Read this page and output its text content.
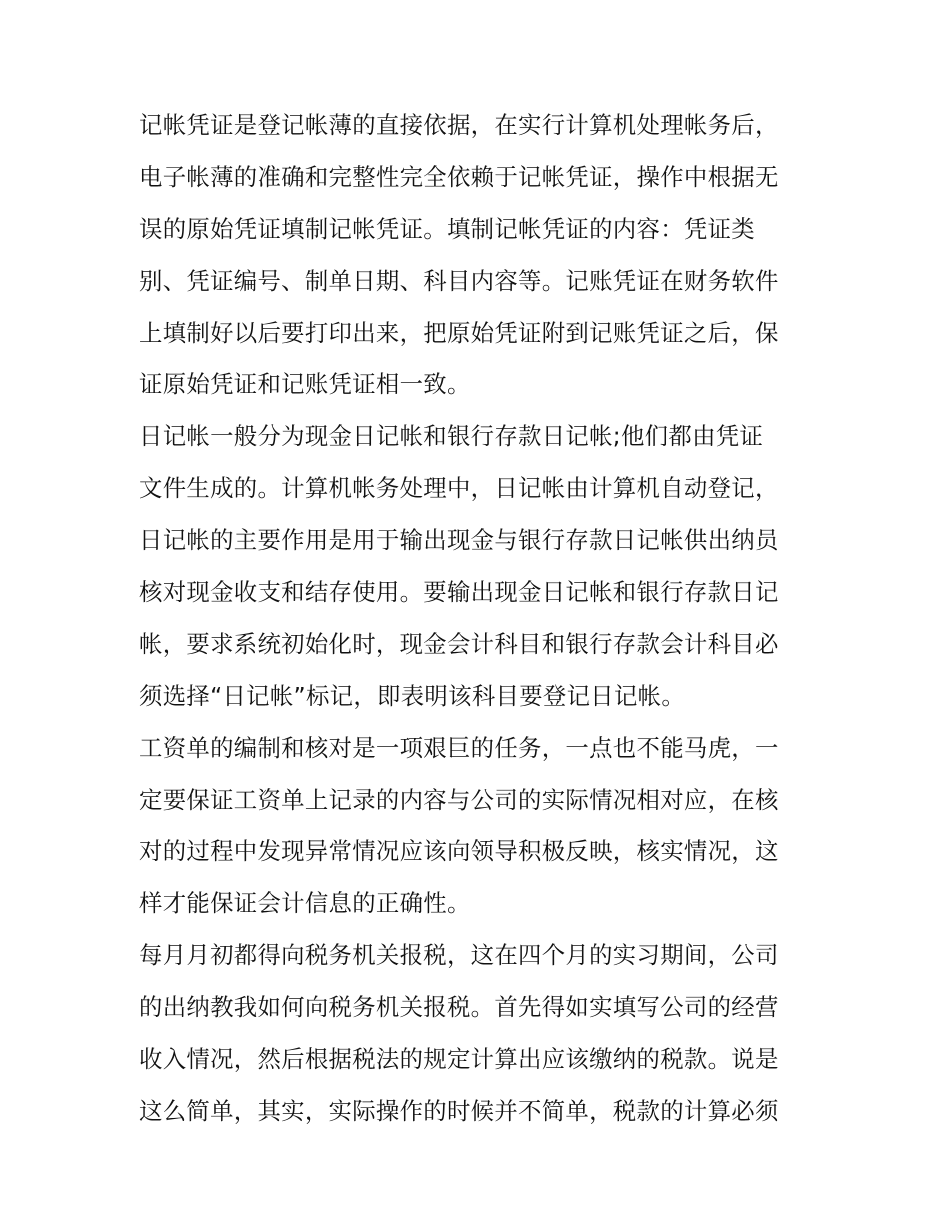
记帐凭证是登记帐薄的直接依据，在实行计算机处理帐务后，
电子帐薄的准确和完整性完全依赖于记帐凭证，操作中根据无
误的原始凭证填制记帐凭证。填制记帐凭证的内容：凭证类
别、凭证编号、制单日期、科目内容等。记账凭证在财务软件
上填制好以后要打印出来，把原始凭证附到记账凭证之后，保
证原始凭证和记账凭证相一致。
日记帐一般分为现金日记帐和银行存款日记帐;他们都由凭证
文件生成的。计算机帐务处理中，日记帐由计算机自动登记，
日记帐的主要作用是用于输出现金与银行存款日记帐供出纳员
核对现金收支和结存使用。要输出现金日记帐和银行存款日记
帐，要求系统初始化时，现金会计科目和银行存款会计科目必
须选择“日记帐”标记，即表明该科目要登记日记帐。
工资单的编制和核对是一项艰巨的任务，一点也不能马虎，一
定要保证工资单上记录的内容与公司的实际情况相对应，在核
对的过程中发现异常情况应该向领导积极反映，核实情况，这
样才能保证会计信息的正确性。
每月月初都得向税务机关报税，这在四个月的实习期间，公司
的出纳教我如何向税务机关报税。首先得如实填写公司的经营
收入情况，然后根据税法的规定计算出应该缴纳的税款。说是
这么简单，其实，实际操作的时候并不简单，税款的计算必须
